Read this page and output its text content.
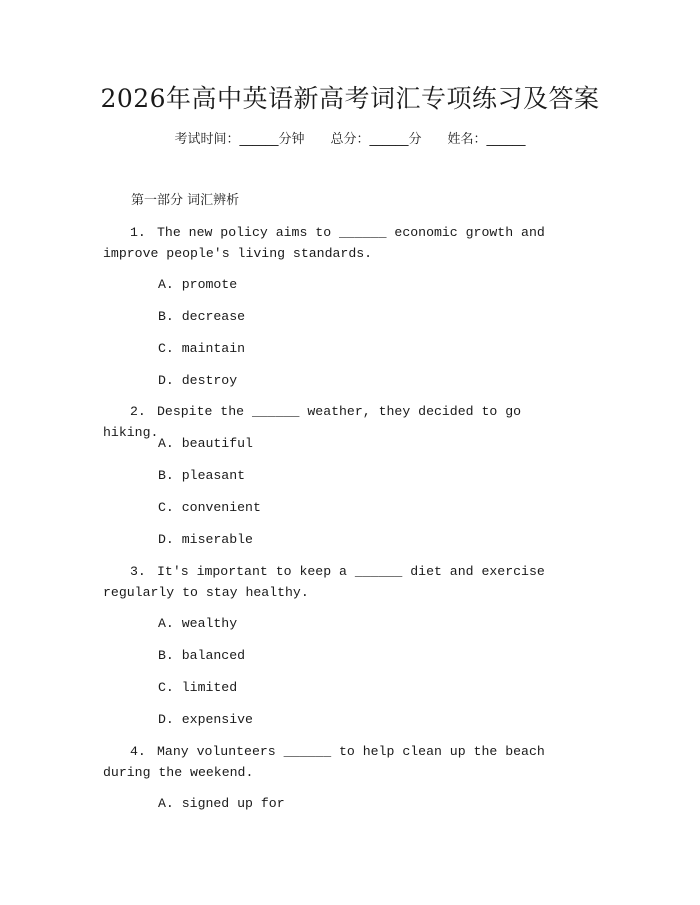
2026年高中英语新高考词汇专项练习及答案
考试时间：______分钟 总分：______分 姓名：______
第一部分 词汇辨析
1. The new policy aims to ______ economic growth and improve people's living standards.
A. promote
B. decrease
C. maintain
D. destroy
2. Despite the ______ weather, they decided to go hiking.
A. beautiful
B. pleasant
C. convenient
D. miserable
3. It's important to keep a ______ diet and exercise regularly to stay healthy.
A. wealthy
B. balanced
C. limited
D. expensive
4. Many volunteers ______ to help clean up the beach during the weekend.
A. signed up for
